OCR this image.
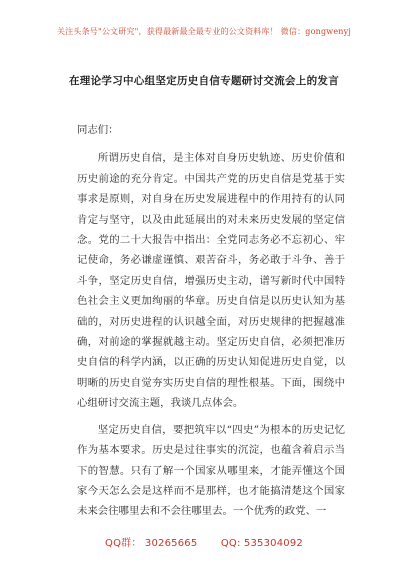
关注头条号"公文研究"，获得最新最全最专业的公文资料库！ 微信：gongwenyj
在理论学习中心组坚定历史自信专题研讨交流会上的发言

同志们：

所谓历史自信，是主体对自身历史轨迹、历史价值和历史前途的充分肯定。中国共产党的历史自信是党基于实事求是原则，对自身在历史发展进程中的作用持有的认同肯定与坚守，以及由此延展出的对未来历史发展的坚定信念。党的二十大报告中指出：全党同志务必不忘初心、牢记使命，务必谦虚谨慎、艰苦奋斗，务必敢于斗争、善于斗争，坚定历史自信，增强历史主动，谱写新时代中国特色社会主义更加绚丽的华章。历史自信是以历史认知为基础的，对历史进程的认识越全面，对历史规律的把握越准确，对前途的掌握就越主动。坚定历史自信，必须把准历史自信的科学内涵，以正确的历史认知促进历史自觉，以明晰的历史自觉夯实历史自信的理性根基。下面，围绕中心组研讨交流主题，我谈几点体会。

坚定历史自信，要把筑牢以“四史”为根本的历史记忆作为基本要求。历史是过往事实的沉淀，也蕴含着启示当下的智慧。只有了解一个国家从哪里来，才能弄懂这个国家今天怎么会是这样而不是那样，也才能搞清楚这个国家未来会往哪里去和不会往哪里去。一个优秀的政党、一

QQ群： 30265665 QQ: 535304092
